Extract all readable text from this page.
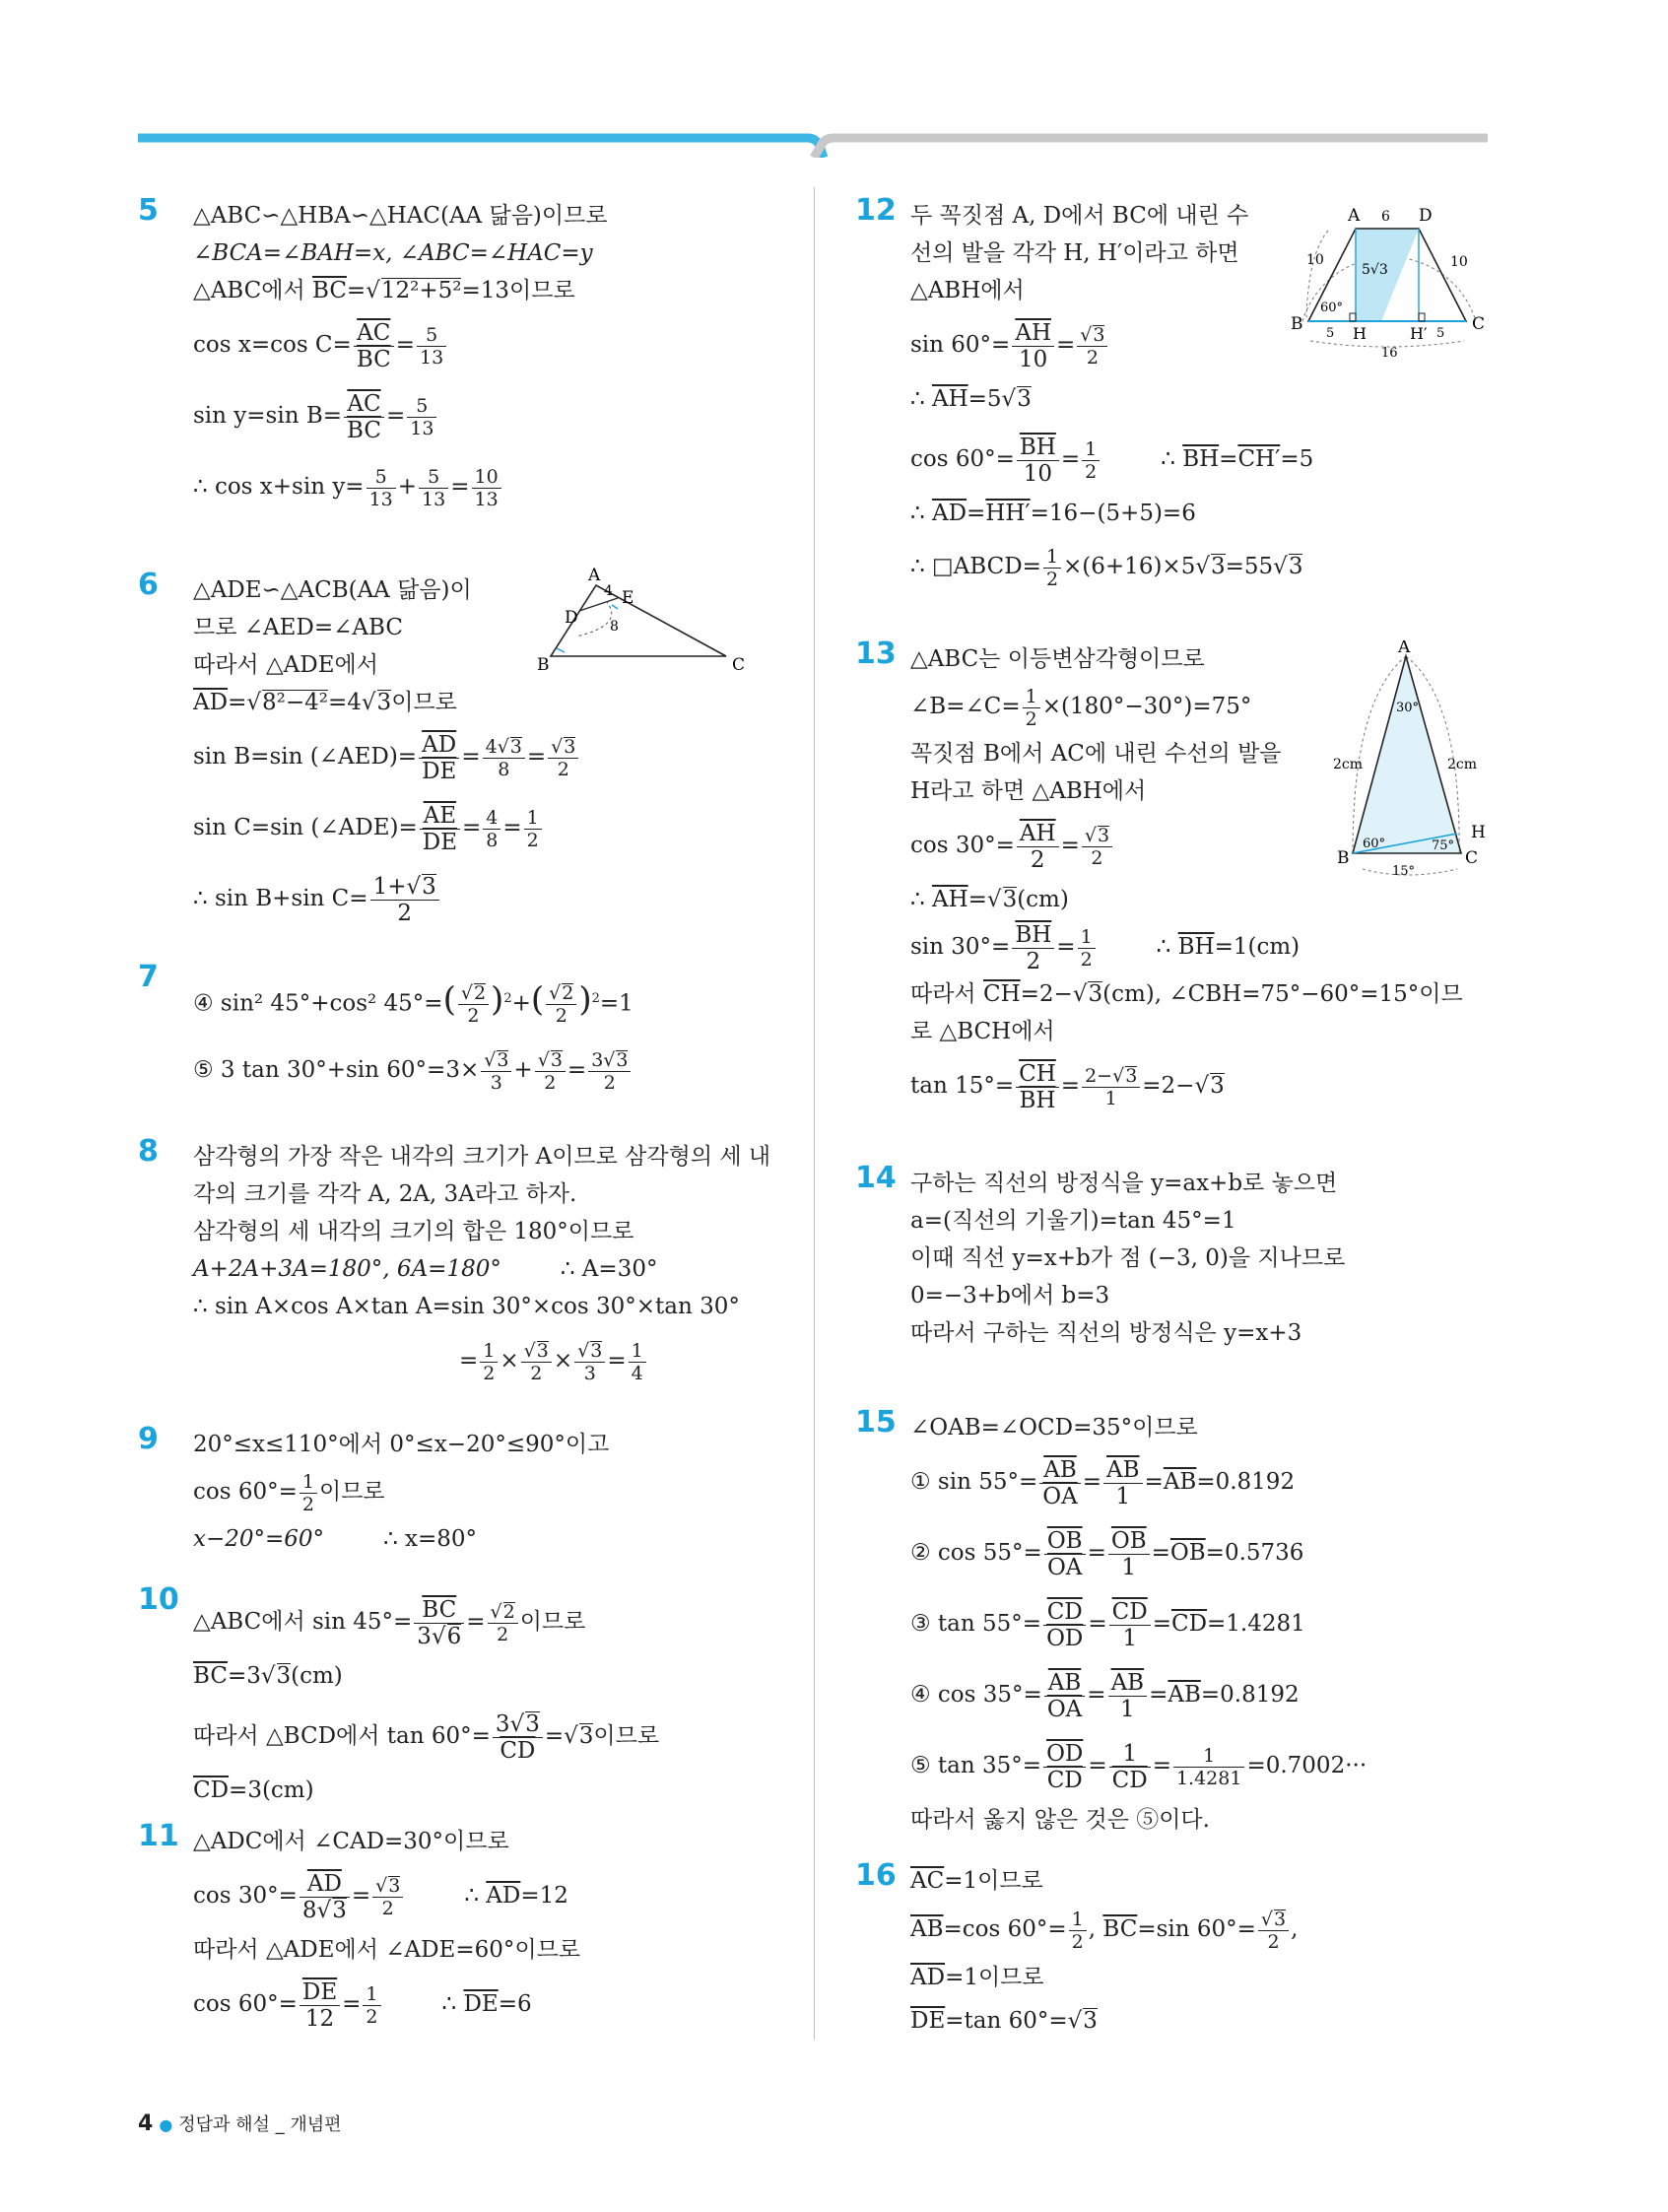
5	△ABC∽△HBA∽△HAC(AA 닮음)이므로
∠BCA=∠BAH=x, ∠ABC=∠HAC=y
△ABC에서 $\overline{BC}=√12^2+5^2=13$이므로
cos x=cos $C= \frac{\overline{AC}}{BC} = \frac{5}{13}$
sin y=sin $B= \frac{\overline{AC}}{BC} = \frac{5}{13}$
∴ cos x+sin $y= \frac{5}{13} + \frac{5}{13} = \frac{10}{13}$
6	△ADE∽△ACB(AA 닮음)이
므로 ∠AED=∠ABC
따라서 △ADE에서
$\overline{AD}=√8^2-4^2=4√3$이므로
sin B=sin (∠AED)= $\frac{\overline{AD}}{DE} = \frac{4√3}{8} = \frac{√3}{2}$
sin C=sin (∠ADE)= $\frac{\overline{AE}}{DE} = \frac{4}{8} = \frac{1}{2}$
∴ sin B+sin $C= \frac{1+√3}{2}$
A
B	C
D
E
4
8
7
④ sin² 45°+cos² $45^\circ=( \frac{√2}{2} )^2+( \frac{√2}{2} )^2=1$
⑤ 3 tan 30°+sin $60^\circ=3\times \frac{√3}{3} + \frac{√3}{2} = \frac{3√3}{2}$
8	삼각형의 가장 작은 내각의 크기가 A이므로 삼각형의 세 내
각의 크기를 각각 A, 2A, 3A라고 하자.
삼각형의 세 내각의 크기의 합은 180°이므로
A+2A+3A=180°, 6A=180°	∴ A=30°
∴ sin A×cos A×tan A=sin 30°×cos 30°×tan 30°
= $\frac{1}{2} \times \frac{√3}{2} \times \frac{√3}{3} = \frac{1}{4}$
9	20°≤x≤110°에서 0°≤x−20°≤90°이고
$\cos 60^\circ= \frac{1}{2}$ 이므로
x−20°=60°	∴ x=80°
10
△ABC에서 $\sin 45^\circ= \frac{\overline{BC}}{3√6} = \frac{√2}{2}$ 이므로
$\overline{BC}=3√3(cm)$
따라서 △BCD에서 $\tan 60^\circ= \frac{3√3}{CD} =√3$이므로
$\overline{CD}=3(cm)$
11 △ADC에서 ∠CAD=30°이므로
$\cos 30^\circ= \frac{\overline{AD}}{8√3} = \frac{√3}{2}$	∴ $\overline{AD}=12$
따라서 △ADE에서 ∠ADE=60°이므로
$\cos 60^\circ= \frac{\overline{DE}}{12} = \frac{1}{2}$	∴ $\overline{DE}=6$
12 두 꼭짓점 A, D에서 BC에 내린 수
선의 발을 각각 H, H′이라고 하면
△ABH에서
$\sin 60^\circ= \frac{\overline{AH}}{10} = \frac{√3}{2}$
∴ $\overline{AH}=5√3$
$\cos 60^\circ= \frac{\overline{BH}}{10} = \frac{1}{2}$	∴ $\overline{BH}=CH'=5$
∴ $\overline{AD}=HH'=16-(5+5)=6$
∴ □ABCD= $\frac{1}{2} \times(6+16)\times 5√3=55√3$
A	D
B	C
H	H′
6
10	10
5√3
60°
5	5
16
13 △ABC는 이등변삼각형이므로
∠B=∠C= $\frac{1}{2} \times(180^\circ-30^\circ)=75^\circ$
꼭짓점 B에서 AC에 내린 수선의 발을
H라고 하면 △ABH에서
$\cos 30^\circ= \frac{\overline{AH}}{2} = \frac{√3}{2}$
∴ $\overline{AH}=√3(cm)$
$\sin 30^\circ= \frac{\overline{BH}}{2} = \frac{1}{2}$	∴ $\overline{BH}=1(cm)$
따라서 $\overline{CH}=2-√3(cm)$, ∠CBH=75°−60°=15°이므
로 △BCH에서
$\tan 15^\circ= \frac{\overline{CH}}{BH} = \frac{2-√3}{1} =2-√3$
A
B	C
H
30°
2cm	2cm
60°	75°
15°
14 구하는 직선의 방정식을 y=ax+b로 놓으면
a=(직선의 기울기)=tan 45°=1
이때 직선 y=x+b가 점 (−3, 0)을 지나므로
0=−3+b에서 b=3
따라서 구하는 직선의 방정식은 y=x+3
15 ∠OAB=∠OCD=35°이므로
① $\sin 55^\circ= \frac{\overline{AB}}{OA} = \frac{\overline{AB}}{1} =\overline{AB}=0.8192$
② $\cos 55^\circ= \frac{\overline{OB}}{OA} = \frac{\overline{OB}}{1} =\overline{OB}=0.5736$
③ $\tan 55^\circ= \frac{\overline{CD}}{OD} = \frac{\overline{CD}}{1} =\overline{CD}=1.4281$
④ $\cos 35^\circ= \frac{\overline{AB}}{OA} = \frac{\overline{AB}}{1} =\overline{AB}=0.8192$
⑤ $\tan 35^\circ= \frac{\overline{OD}}{CD} = \frac{1}{CD} = \frac{1}{1.4281} =0.7002\cdot\cdot\cdot$
따라서 옳지 않은 것은 ⑤이다.
16 $\overline{AC}=1$이므로
$\overline{AB}=\cos$ $60^\circ= \frac{1}{2}$ , $\overline{BC}=\sin$ $60^\circ= \frac{√3}{2}$ ,
$\overline{AD}=1$이므로
$\overline{DE}=\tan$ 60°=√3
4 ● 정답과 해설 _ 개념편
